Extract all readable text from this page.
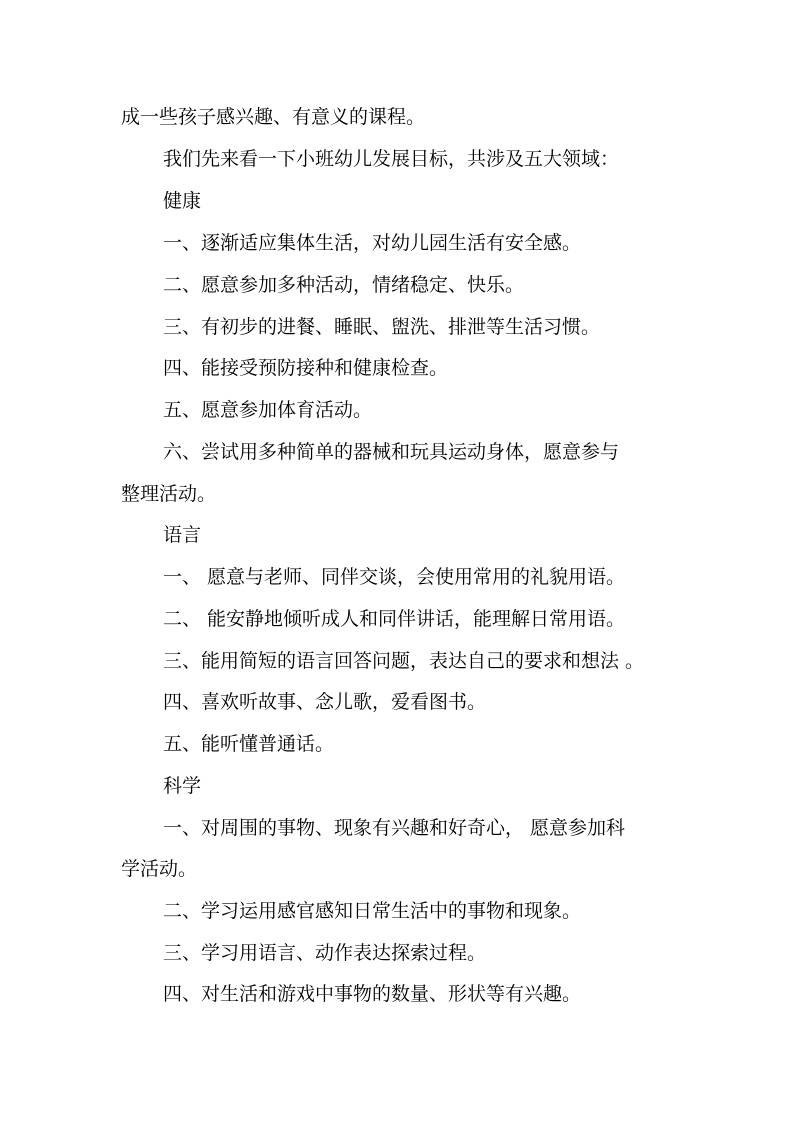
成一些孩子感兴趣、有意义的课程。

我们先来看一下小班幼儿发展目标，共涉及五大领域：

健康

一、逐渐适应集体生活，对幼儿园生活有安全感。

二、愿意参加多种活动，情绪稳定、快乐。

三、有初步的进餐、睡眠、盥洗、排泄等生活习惯。

四、能接受预防接种和健康检查。

五、愿意参加体育活动。

六、尝试用多种简单的器械和玩具运动身体，愿意参与

整理活动。

语言

一、 愿意与老师、同伴交谈，会使用常用的礼貌用语。

二、 能安静地倾听成人和同伴讲话，能理解日常用语。

三、能用简短的语言回答问题，表达自己的要求和想法 。

四、喜欢听故事、念儿歌，爱看图书。

五、能听懂普通话。

科学

一、对周围的事物、现象有兴趣和好奇心， 愿意参加科

学活动。

二、学习运用感官感知日常生活中的事物和现象。

三、学习用语言、动作表达探索过程。

四、对生活和游戏中事物的数量、形状等有兴趣。
